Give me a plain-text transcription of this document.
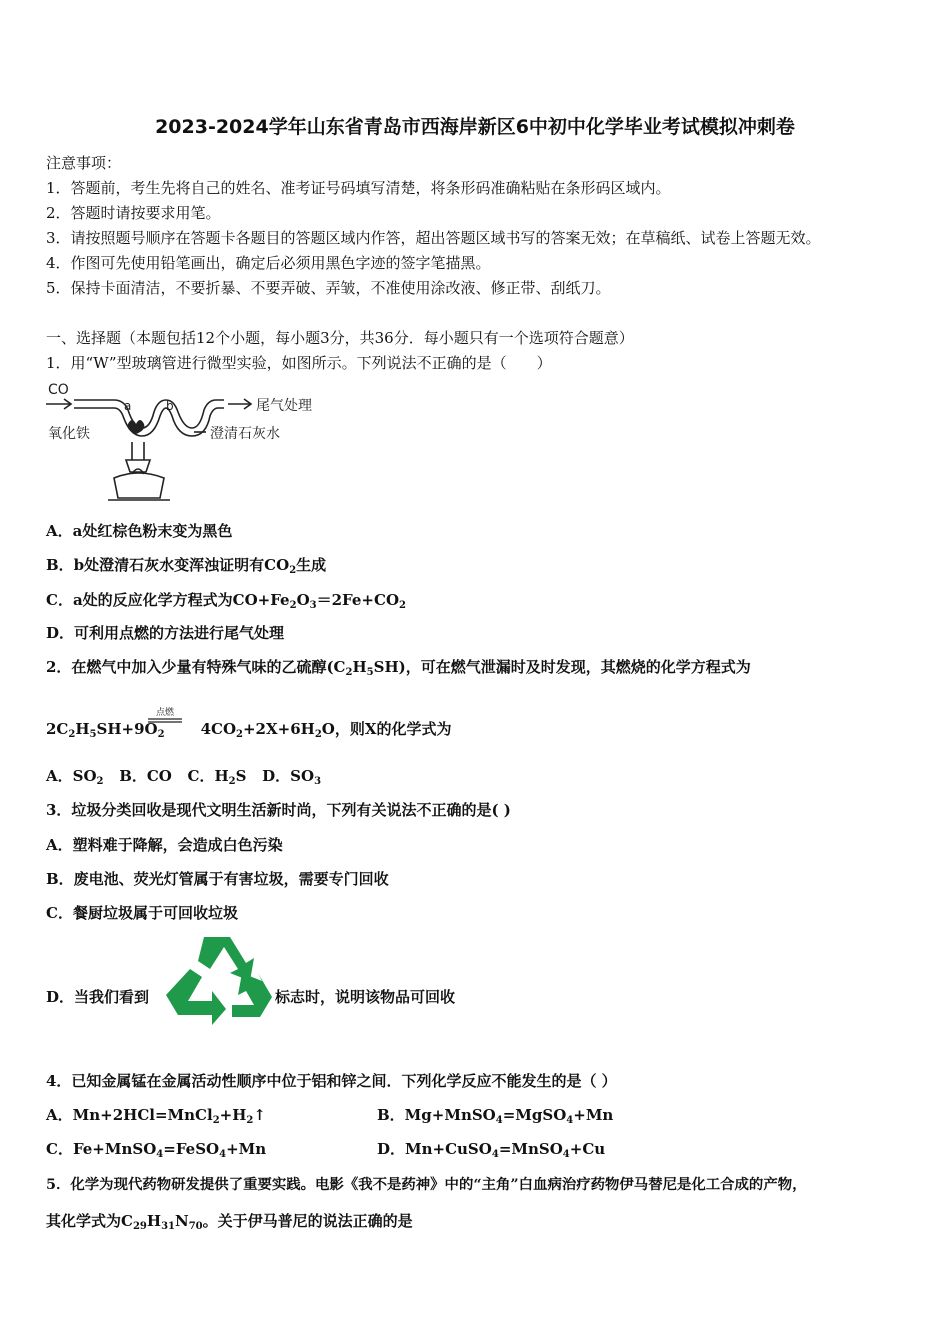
2023-2024学年山东省青岛市西海岸新区6中初中化学毕业考试模拟冲刺卷
注意事项：
1．答题前，考生先将自己的姓名、准考证号码填写清楚，将条形码准确粘贴在条形码区域内。
2．答题时请按要求用笔。
3．请按照题号顺序在答题卡各题目的答题区域内作答，超出答题区域书写的答案无效；在草稿纸、试卷上答题无效。
4．作图可先使用铅笔画出，确定后必须用黑色字迹的签字笔描黑。
5．保持卡面清洁，不要折暴、不要弄破、弄皱，不准使用涂改液、修正带、刮纸刀。
一、选择题（本题包括12个小题，每小题3分，共36分．每小题只有一个选项符合题意）
1．用“W”型玻璃管进行微型实验，如图所示。下列说法不正确的是（　　）
CO
a	b	尾气处理
氧化铁	澄清石灰水
A．a处红棕色粉末变为黑色
B．b处澄清石灰水变浑浊证明有$CO_2$生成
C．a处的反应化学方程式为$CO+Fe_2O_3=2Fe+CO_2$
D．可利用点燃的方法进行尾气处理
2．在燃气中加入少量有特殊气味的乙硫醇$(C_2H_5SH)$，可在燃气泄漏时及时发现，其燃烧的化学方程式为
$2C_2H_5SH+9O_2$ $4CO_2+2X+6H_2O$，则X的化学式为
点燃
A．$SO_2$ B．CO C．$H_2S$ D．$SO_3$
3．垃圾分类回收是现代文明生活新时尚，下列有关说法不正确的是( )
A．塑料难于降解，会造成白色污染
B．废电池、荧光灯管属于有害垃圾，需要专门回收
C．餐厨垃圾属于可回收垃圾
D．当我们看到	标志时，说明该物品可回收
4．已知金属锰在金属活动性顺序中位于铝和锌之间．下列化学反应不能发生的是（ ）
A．$Mn+2HCl=MnCl_2+H_2↑$	B．Mg+MnSO$_4$=MgSO$_4$+Mn
C．Fe+MnSO$_4$=FeSO$_4$+Mn	D．Mn+CuSO$_4$=MnSO$_4$+Cu
5．化学为现代药物研发提供了重要实践。电影《我不是药神》中的“主角”白血病治疗药物伊马替尼是化工合成的产物，
其化学式为$C_{29}H_{31}N_{70}$。关于伊马普尼的说法正确的是
